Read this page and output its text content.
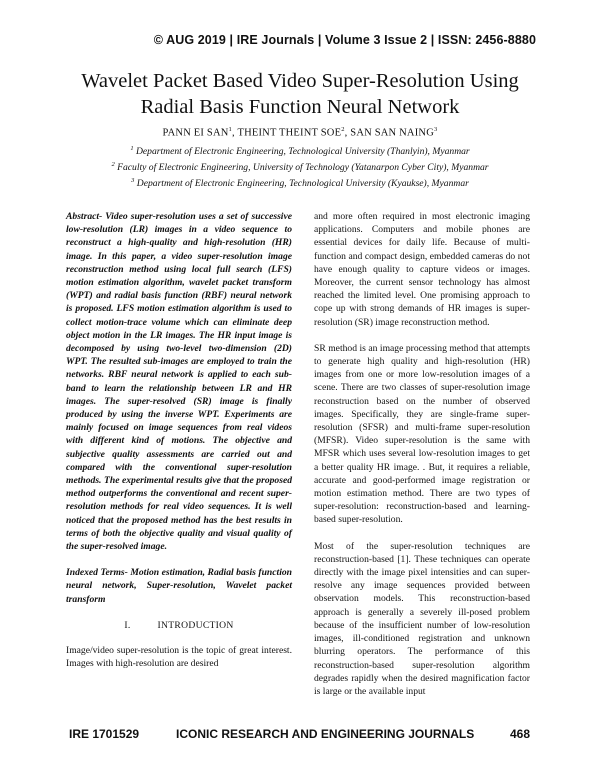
© AUG 2019 | IRE Journals | Volume 3 Issue 2 | ISSN: 2456-8880
Wavelet Packet Based Video Super-Resolution Using
Radial Basis Function Neural Network
PANN EI SAN$^1$, THEINT THEINT SOE$^2$, SAN SAN NAING$^3$
$^1$ Department of Electronic Engineering, Technological University (Thanlyin), Myanmar
$^2$ Faculty of Electronic Engineering, University of Technology (Yatanarpon Cyber City), Myanmar
$^3$ Department of Electronic Engineering, Technological University (Kyaukse), Myanmar

Abstract- Video super-resolution uses a set of successive low-resolution (LR) images in a video sequence to reconstruct a high-quality and high-resolution (HR) image. In this paper, a video super-resolution image reconstruction method using local full search (LFS) motion estimation algorithm, wavelet packet transform (WPT) and radial basis function (RBF) neural network is proposed. LFS motion estimation algorithm is used to collect motion-trace volume which can eliminate deep object motion in the LR images. The HR input image is decomposed by using two-level two-dimension (2D) WPT. The resulted sub-images are employed to train the networks. RBF neural network is applied to each sub-band to learn the relationship between LR and HR images. The super-resolved (SR) image is finally produced by using the inverse WPT. Experiments are mainly focused on image sequences from real videos with different kind of motions. The objective and subjective quality assessments are carried out and compared with the conventional super-resolution methods. The experimental results give that the proposed method outperforms the conventional and recent super-resolution methods for real video sequences. It is well noticed that the proposed method has the best results in terms of both the objective quality and visual quality of the super-resolved image.

Indexed Terms- Motion estimation, Radial basis function neural network, Super-resolution, Wavelet packet transform

I.	INTRODUCTION

Image/video super-resolution is the topic of great interest. Images with high-resolution are desired

and more often required in most electronic imaging applications. Computers and mobile phones are essential devices for daily life. Because of multi-function and compact design, embedded cameras do not have enough quality to capture videos or images. Moreover, the current sensor technology has almost reached the limited level. One promising approach to cope up with strong demands of HR images is super-resolution (SR) image reconstruction method.

SR method is an image processing method that attempts to generate high quality and high-resolution (HR) images from one or more low-resolution images of a scene. There are two classes of super-resolution image reconstruction based on the number of observed images. Specifically, they are single-frame super-resolution (SFSR) and multi-frame super-resolution (MFSR). Video super-resolution is the same with MFSR which uses several low-resolution images to get a better quality HR image. . But, it requires a reliable, accurate and good-performed image registration or motion estimation method. There are two types of super-resolution: reconstruction-based and learning-based super-resolution.

Most of the super-resolution techniques are reconstruction-based [1]. These techniques can operate directly with the image pixel intensities and can super-resolve any image sequences provided between observation models. This reconstruction-based approach is generally a severely ill-posed problem because of the insufficient number of low-resolution images, ill-conditioned registration and unknown blurring operators. The performance of this reconstruction-based super-resolution algorithm degrades rapidly when the desired magnification factor is large or the available input

IRE 1701529	ICONIC RESEARCH AND ENGINEERING JOURNALS	468
